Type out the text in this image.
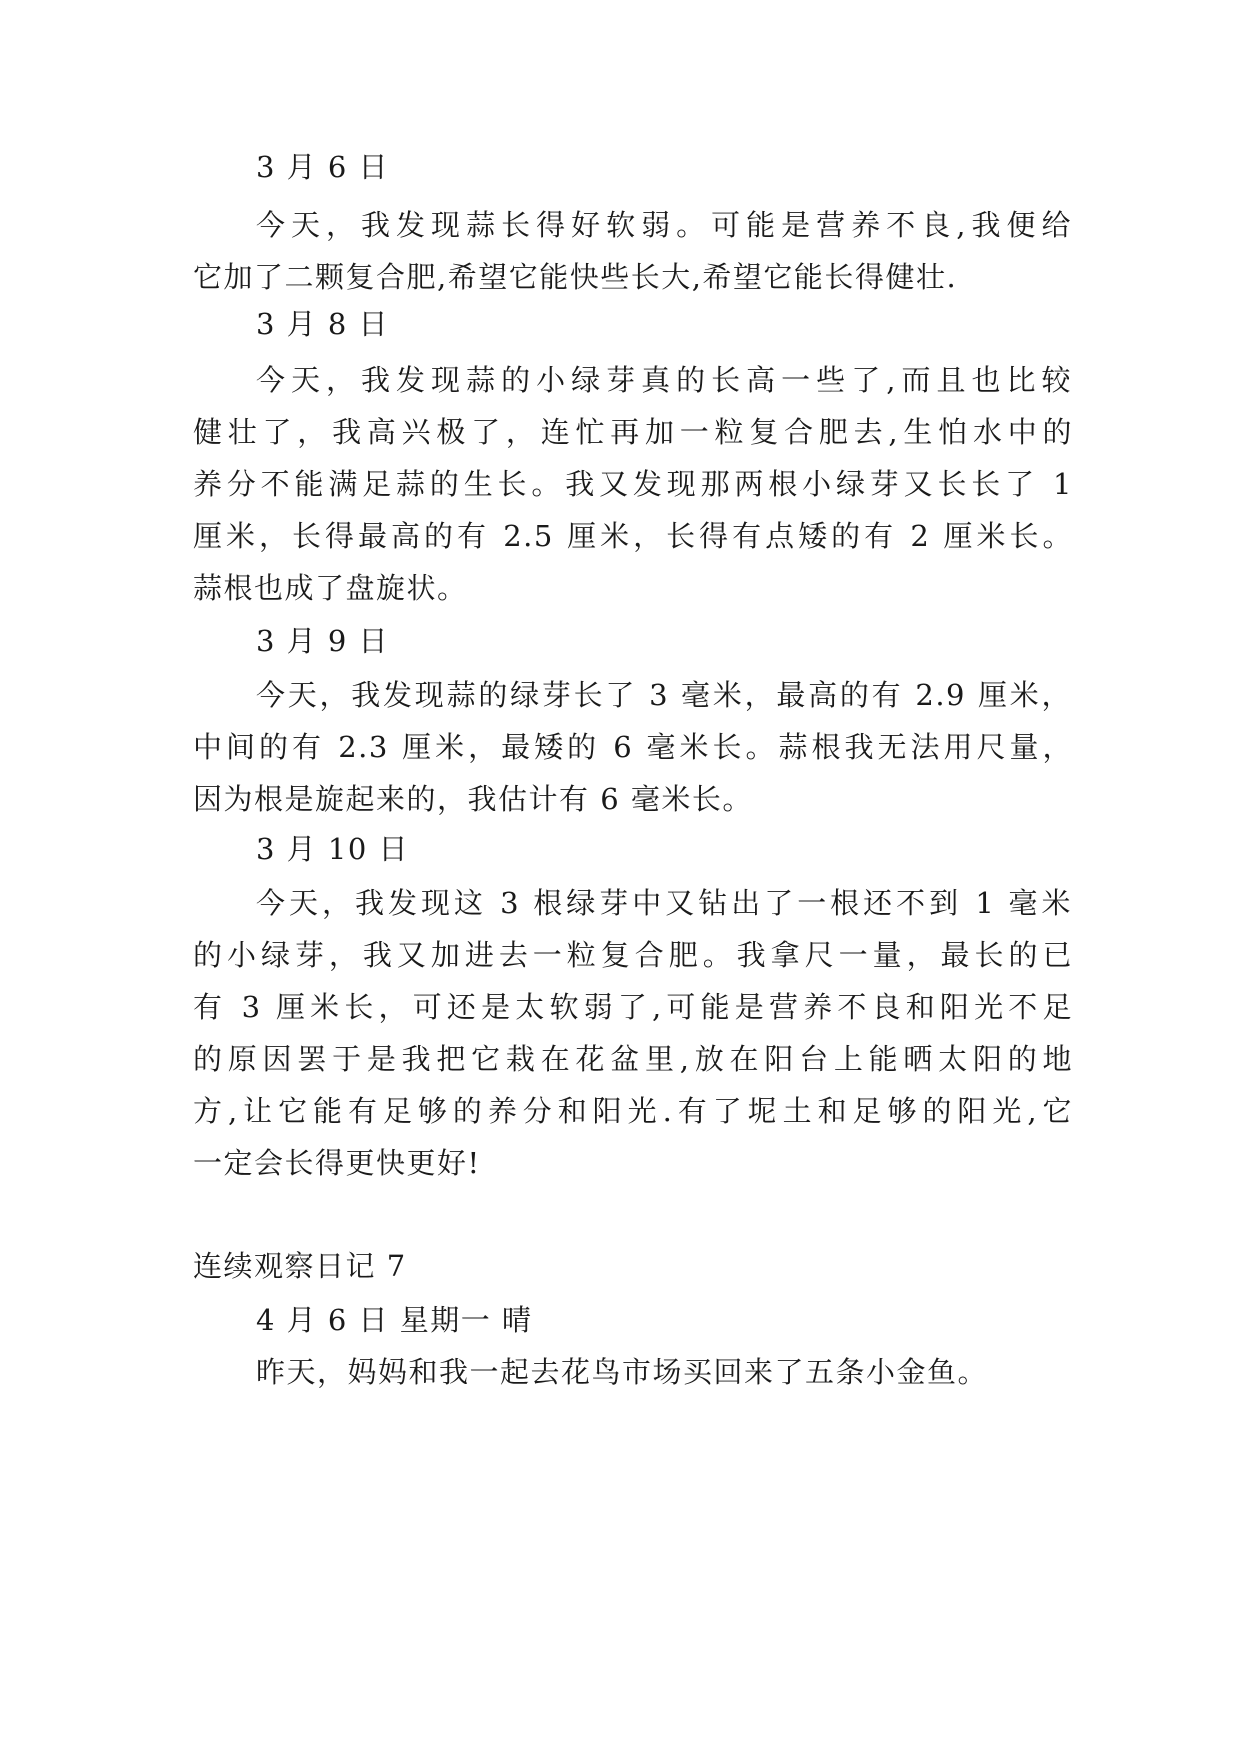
3 月 6 日
今天，我发现蒜长得好软弱。可能是营养不良,我便给
它加了二颗复合肥,希望它能快些长大,希望它能长得健壮.
3 月 8 日
今天，我发现蒜的小绿芽真的长高一些了,而且也比较
健壮了，我高兴极了，连忙再加一粒复合肥去,生怕水中的
养分不能满足蒜的生长。我又发现那两根小绿芽又长长了 1
厘米，长得最高的有 2.5 厘米，长得有点矮的有 2 厘米长。
蒜根也成了盘旋状。
3 月 9 日
今天，我发现蒜的绿芽长了 3 毫米，最高的有 2.9 厘米，
中间的有 2.3 厘米，最矮的 6 毫米长。蒜根我无法用尺量，
因为根是旋起来的，我估计有 6 毫米长。
3 月 10 日
今天，我发现这 3 根绿芽中又钻出了一根还不到 1 毫米
的小绿芽，我又加进去一粒复合肥。我拿尺一量，最长的已
有 3 厘米长，可还是太软弱了,可能是营养不良和阳光不足
的原因罢于是我把它栽在花盆里,放在阳台上能晒太阳的地
方,让它能有足够的养分和阳光.有了坭土和足够的阳光,它
一定会长得更快更好!
连续观察日记 7
4 月 6 日 星期一 晴
昨天，妈妈和我一起去花鸟市场买回来了五条小金鱼。
